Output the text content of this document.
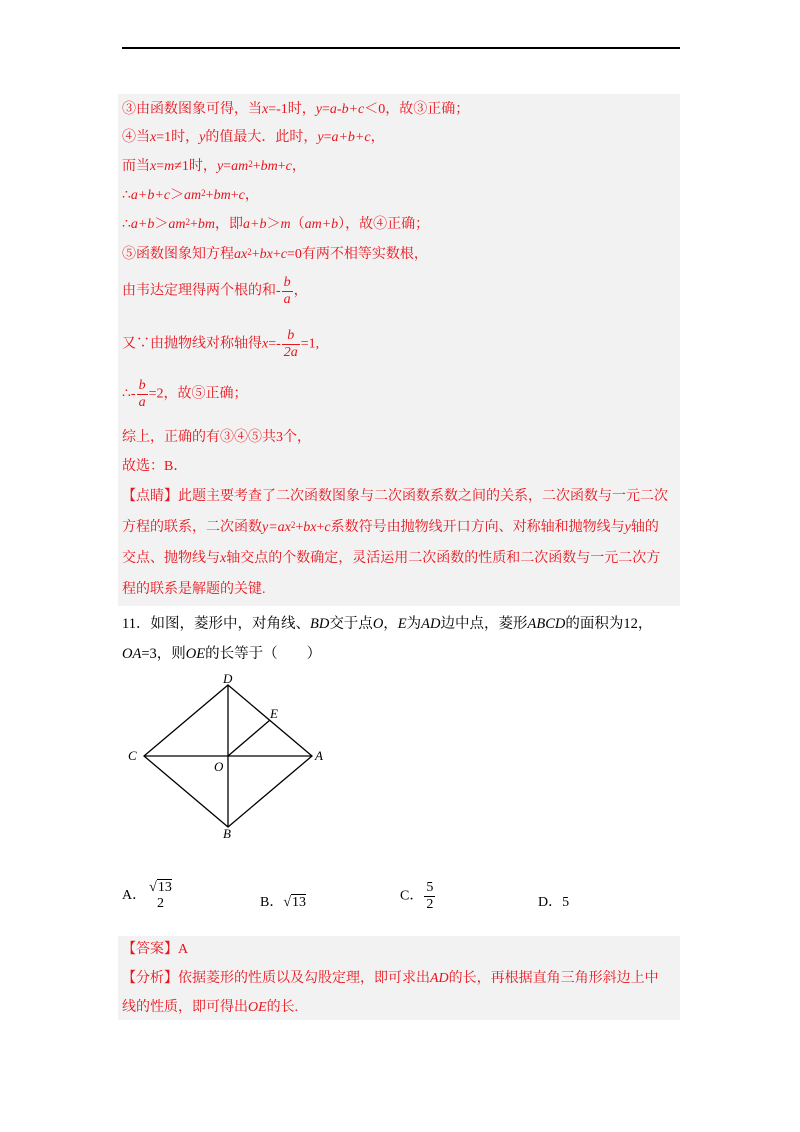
③由函数图象可得，当x=-1时，y=a-b+c＜0，故③正确；
④当x=1时，y的值最大．此时，y=a+b+c，
而当x=m≠1时，$y=am^2+bm+c$，
$\therefore a+b+c>am^2+bm+c$，
$\therefore a+b>am^2+bm$，即a+b＞m（am+b），故④正确；
⑤函数图象知方程$ax^2+bx+c=0$有两不相等实数根，
由韦达定理得两个根的和- $\frac{b}{a}$ ，
又∵由抛物线对称轴得$x=- \frac{b}{2a} =1$,
∴- $\frac{b}{a} =2$，故⑤正确；
综上，正确的有③④⑤共3个，
故选：B．
【点睛】此题主要考查了二次函数图象与二次函数系数之间的关系，二次函数与一元二次
方程的联系，二次函数$y=ax^2+bx+c$系数符号由抛物线开口方向、对称轴和抛物线与y轴的
交点、抛物线与x轴交点的个数确定，灵活运用二次函数的性质和二次函数与一元二次方
程的联系是解题的关键.
11．如图，菱形中，对角线、BD交于点O，E为AD边中点，菱形ABCD的面积为12，
OA=3，则OE的长等于（　　）
D
E
C
O
A
B
A．
√13
2	B．√13	C． $\frac{5}{2}$	D．5
【答案】A
【分析】依据菱形的性质以及勾股定理，即可求出AD的长，再根据直角三角形斜边上中
线的性质，即可得出OE的长.
